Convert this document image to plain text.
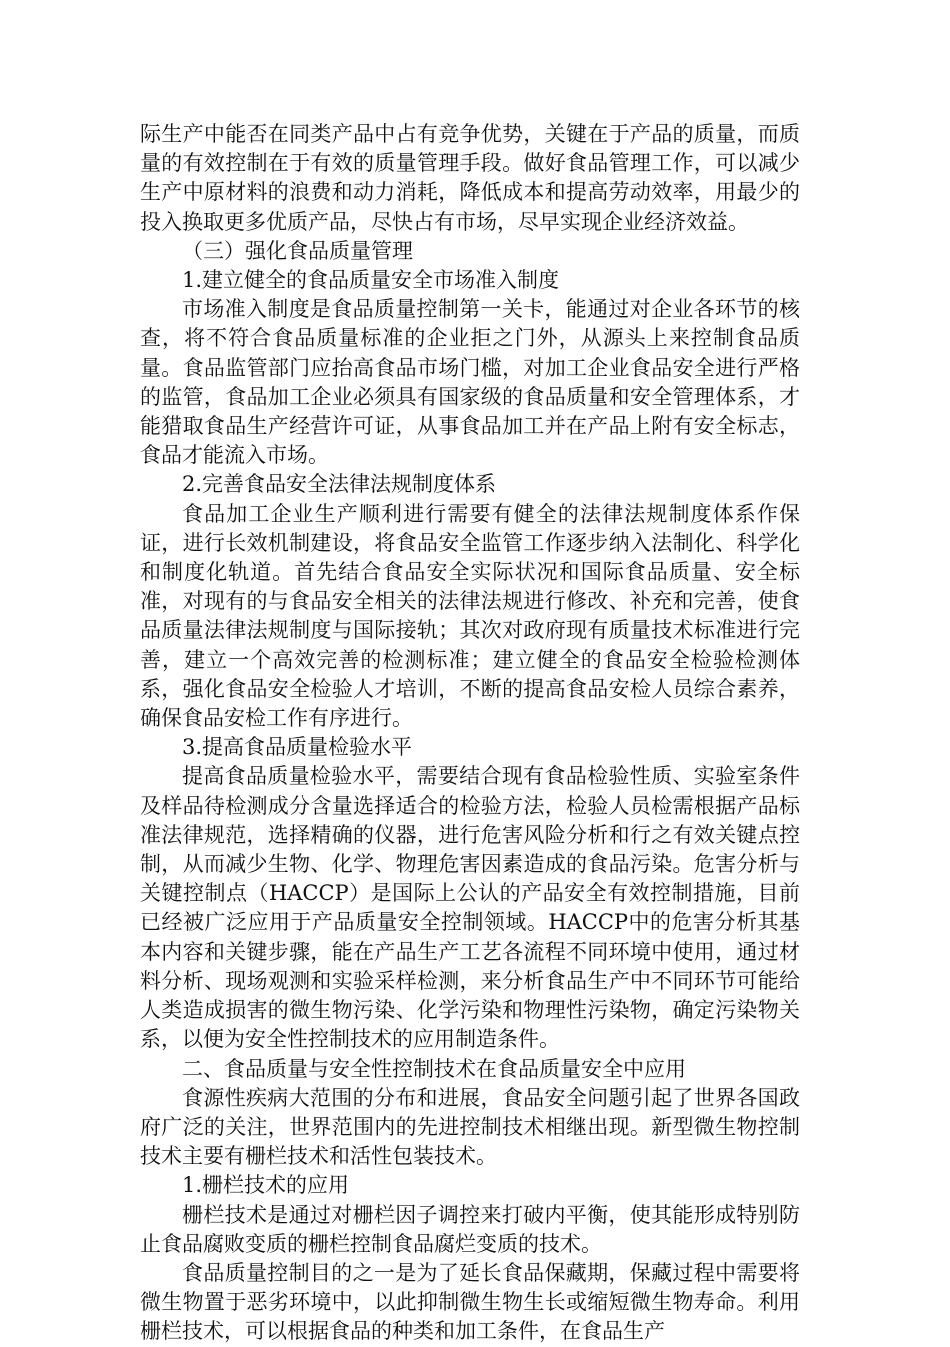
际生产中能否在同类产品中占有竞争优势，关键在于产品的质量，而质量的有效控制在于有效的质量管理手段。做好食品管理工作，可以减少生产中原材料的浪费和动力消耗，降低成本和提高劳动效率，用最少的投入换取更多优质产品，尽快占有市场，尽早实现企业经济效益。

（三）强化食品质量管理

1.建立健全的食品质量安全市场准入制度

市场准入制度是食品质量控制第一关卡，能通过对企业各环节的核查，将不符合食品质量标准的企业拒之门外，从源头上来控制食品质量。食品监管部门应抬高食品市场门槛，对加工企业食品安全进行严格的监管，食品加工企业必须具有国家级的食品质量和安全管理体系，才能猎取食品生产经营许可证，从事食品加工并在产品上附有安全标志，食品才能流入市场。

2.完善食品安全法律法规制度体系

食品加工企业生产顺利进行需要有健全的法律法规制度体系作保证，进行长效机制建设，将食品安全监管工作逐步纳入法制化、科学化和制度化轨道。首先结合食品安全实际状况和国际食品质量、安全标准，对现有的与食品安全相关的法律法规进行修改、补充和完善，使食品质量法律法规制度与国际接轨；其次对政府现有质量技术标准进行完善，建立一个高效完善的检测标准；建立健全的食品安全检验检测体系，强化食品安全检验人才培训，不断的提高食品安检人员综合素养，确保食品安检工作有序进行。

3.提高食品质量检验水平

提高食品质量检验水平，需要结合现有食品检验性质、实验室条件及样品待检测成分含量选择适合的检验方法，检验人员检需根据产品标准法律规范，选择精确的仪器，进行危害风险分析和行之有效关键点控制，从而减少生物、化学、物理危害因素造成的食品污染。危害分析与关键控制点（HACCP）是国际上公认的产品安全有效控制措施，目前已经被广泛应用于产品质量安全控制领域。HACCP中的危害分析其基本内容和关键步骤，能在产品生产工艺各流程不同环境中使用，通过材料分析、现场观测和实验采样检测，来分析食品生产中不同环节可能给人类造成损害的微生物污染、化学污染和物理性污染物，确定污染物关系，以便为安全性控制技术的应用制造条件。

二、食品质量与安全性控制技术在食品质量安全中应用

食源性疾病大范围的分布和进展，食品安全问题引起了世界各国政府广泛的关注，世界范围内的先进控制技术相继出现。新型微生物控制技术主要有栅栏技术和活性包装技术。

1.栅栏技术的应用

栅栏技术是通过对栅栏因子调控来打破内平衡，使其能形成特别防止食品腐败变质的栅栏控制食品腐烂变质的技术。

食品质量控制目的之一是为了延长食品保藏期，保藏过程中需要将微生物置于恶劣环境中，以此抑制微生物生长或缩短微生物寿命。利用栅栏技术，可以根据食品的种类和加工条件，在食品生产
